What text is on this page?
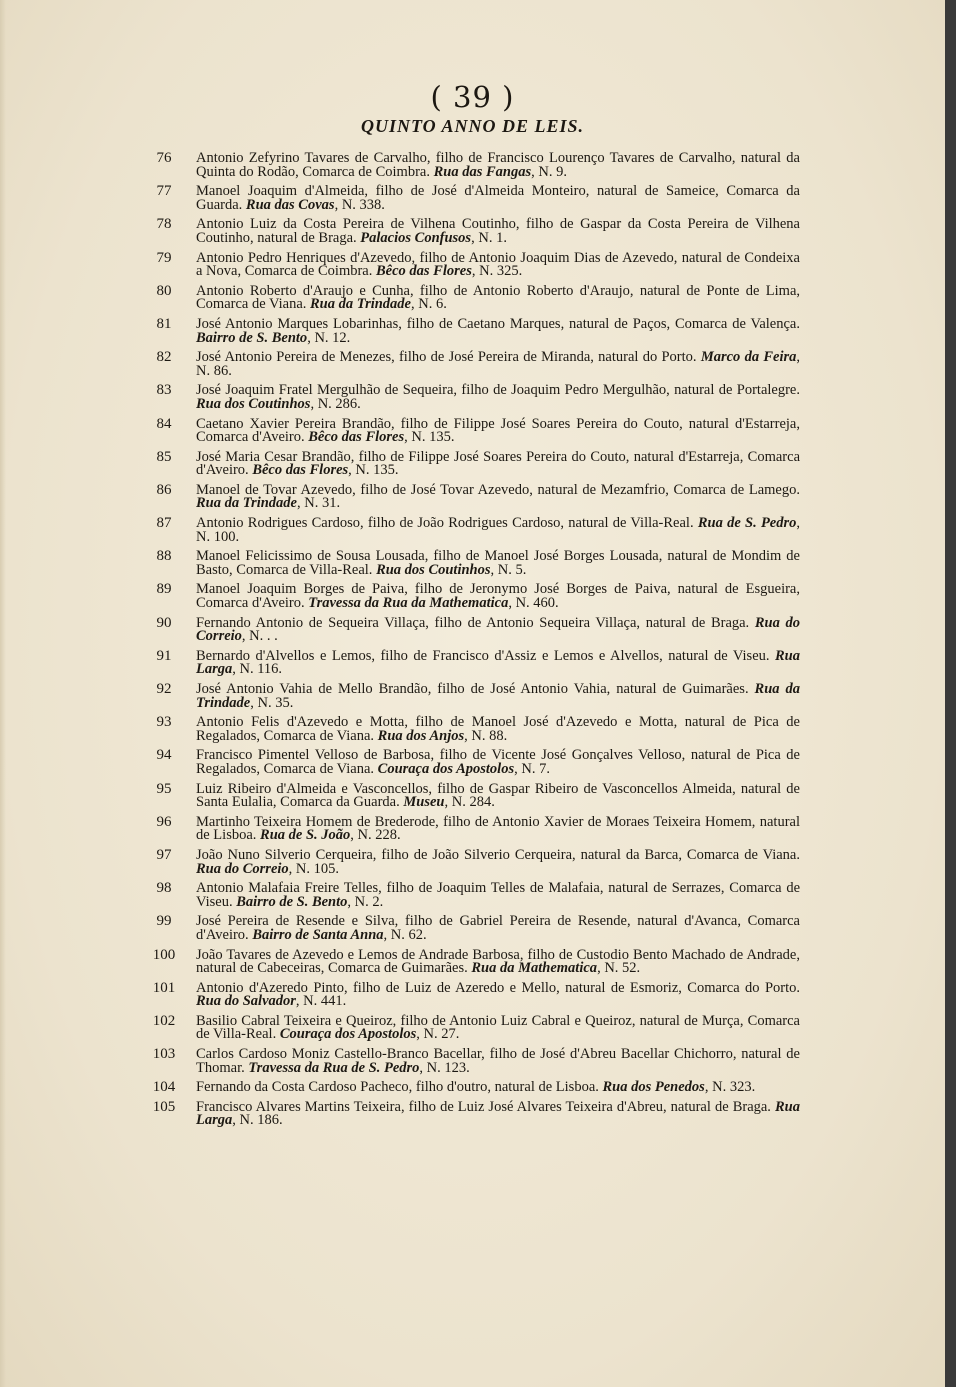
( 39 )
QUINTO ANNO DE LEIS.
76	Antonio Zefyrino Tavares de Carvalho, filho de Francisco Lourenço Tavares de Carvalho, natural da Quinta do Rodão, Comarca de Coimbra. Rua das Fangas, N. 9.
77	Manoel Joaquim d'Almeida, filho de José d'Almeida Monteiro, natural de Sameice, Comarca da Guarda. Rua das Covas, N. 338.
78	Antonio Luiz da Costa Pereira de Vilhena Coutinho, filho de Gaspar da Costa Pereira de Vilhena Coutinho, natural de Braga. Palacios Confusos, N. 1.
79	Antonio Pedro Henriques d'Azevedo, filho de Antonio Joaquim Dias de Azevedo, natural de Condeixa a Nova, Comarca de Coimbra. Bêco das Flores, N. 325.
80	Antonio Roberto d'Araujo e Cunha, filho de Antonio Roberto d'Araujo, natural de Ponte de Lima, Comarca de Viana. Rua da Trindade, N. 6.
81	José Antonio Marques Lobarinhas, filho de Caetano Marques, natural de Paços, Comarca de Valença. Bairro de S. Bento, N. 12.
82	José Antonio Pereira de Menezes, filho de José Pereira de Miranda, natural do Porto. Marco da Feira, N. 86.
83	José Joaquim Fratel Mergulhão de Sequeira, filho de Joaquim Pedro Mergulhão, natural de Portalegre. Rua dos Coutinhos, N. 286.
84	Caetano Xavier Pereira Brandão, filho de Filippe José Soares Pereira do Couto, natural d'Estarreja, Comarca d'Aveiro. Bêco das Flores, N. 135.
85	José Maria Cesar Brandão, filho de Filippe José Soares Pereira do Couto, natural d'Estarreja, Comarca d'Aveiro. Bêco das Flores, N. 135.
86	Manoel de Tovar Azevedo, filho de José Tovar Azevedo, natural de Mezamfrio, Comarca de Lamego. Rua da Trindade, N. 31.
87	Antonio Rodrigues Cardoso, filho de João Rodrigues Cardoso, natural de Villa-Real. Rua de S. Pedro, N. 100.
88	Manoel Felicissimo de Sousa Lousada, filho de Manoel José Borges Lousada, natural de Mondim de Basto, Comarca de Villa-Real. Rua dos Coutinhos, N. 5.
89	Manoel Joaquim Borges de Paiva, filho de Jeronymo José Borges de Paiva, natural de Esgueira, Comarca d'Aveiro. Travessa da Rua da Mathematica, N. 460.
90	Fernando Antonio de Sequeira Villaça, filho de Antonio Sequeira Villaça, natural de Braga. Rua do Correio, N. . .
91	Bernardo d'Alvellos e Lemos, filho de Francisco d'Assiz e Lemos e Alvellos, natural de Viseu. Rua Larga, N. 116.
92	José Antonio Vahia de Mello Brandão, filho de José Antonio Vahia, natural de Guimarães. Rua da Trindade, N. 35.
93	Antonio Felis d'Azevedo e Motta, filho de Manoel José d'Azevedo e Motta, natural de Pica de Regalados, Comarca de Viana. Rua dos Anjos, N. 88.
94	Francisco Pimentel Velloso de Barbosa, filho de Vicente José Gonçalves Velloso, natural de Pica de Regalados, Comarca de Viana. Couraça dos Apostolos, N. 7.
95	Luiz Ribeiro d'Almeida e Vasconcellos, filho de Gaspar Ribeiro de Vasconcellos Almeida, natural de Santa Eulalia, Comarca da Guarda. Museu, N. 284.
96	Martinho Teixeira Homem de Brederode, filho de Antonio Xavier de Moraes Teixeira Homem, natural de Lisboa. Rua de S. João, N. 228.
97	João Nuno Silverio Cerqueira, filho de João Silverio Cerqueira, natural da Barca, Comarca de Viana. Rua do Correio, N. 105.
98	Antonio Malafaia Freire Telles, filho de Joaquim Telles de Malafaia, natural de Serrazes, Comarca de Viseu. Bairro de S. Bento, N. 2.
99	José Pereira de Resende e Silva, filho de Gabriel Pereira de Resende, natural d'Avanca, Comarca d'Aveiro. Bairro de Santa Anna, N. 62.
100	João Tavares de Azevedo e Lemos de Andrade Barbosa, filho de Custodio Bento Machado de Andrade, natural de Cabeceiras, Comarca de Guimarães. Rua da Mathematica, N. 52.
101	Antonio d'Azeredo Pinto, filho de Luiz de Azeredo e Mello, natural de Esmoriz, Comarca do Porto. Rua do Salvador, N. 441.
102	Basilio Cabral Teixeira e Queiroz, filho de Antonio Luiz Cabral e Queiroz, natural de Murça, Comarca de Villa-Real. Couraça dos Apostolos, N. 27.
103	Carlos Cardoso Moniz Castello-Branco Bacellar, filho de José d'Abreu Bacellar Chichorro, natural de Thomar. Travessa da Rua de S. Pedro, N. 123.
104	Fernando da Costa Cardoso Pacheco, filho d'outro, natural de Lisboa. Rua dos Penedos, N. 323.
105	Francisco Alvares Martins Teixeira, filho de Luiz José Alvares Teixeira d'Abreu, natural de Braga. Rua Larga, N. 186.
